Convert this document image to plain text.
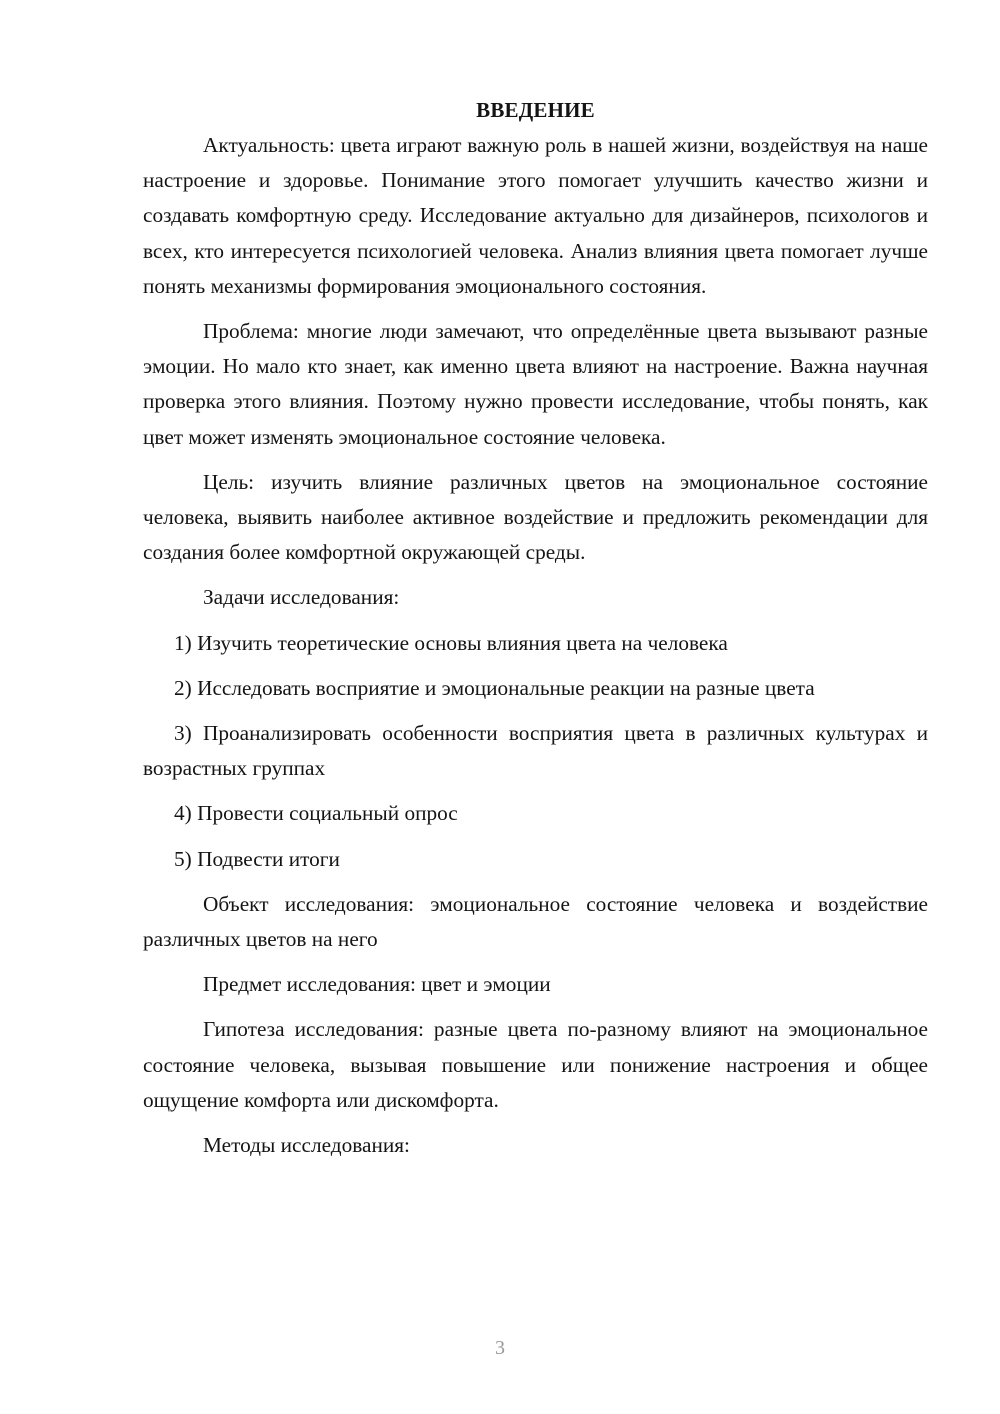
ВВЕДЕНИЕ

Актуальность: цвета играют важную роль в нашей жизни, воздействуя на наше настроение и здоровье. Понимание этого помогает улучшить качество жизни и создавать комфортную среду. Исследование актуально для дизайнеров, психологов и всех, кто интересуется психологией человека. Анализ влияния цвета помогает лучше понять механизмы формирования эмоционального состояния.

Проблема: многие люди замечают, что определённые цвета вызывают разные эмоции. Но мало кто знает, как именно цвета влияют на настроение. Важна научная проверка этого влияния. Поэтому нужно провести исследование, чтобы понять, как цвет может изменять эмоциональное состояние человека.

Цель: изучить влияние различных цветов на эмоциональное состояние человека, выявить наиболее активное воздействие и предложить рекомендации для создания более комфортной окружающей среды.

Задачи исследования:

1) Изучить теоретические основы влияния цвета на человека

2) Исследовать восприятие и эмоциональные реакции на разные цвета

3) Проанализировать особенности восприятия цвета в различных культурах и возрастных группах

4) Провести социальный опрос

5) Подвести итоги

Объект исследования: эмоциональное состояние человека и воздействие различных цветов на него

Предмет исследования: цвет и эмоции

Гипотеза исследования: разные цвета по-разному влияют на эмоциональное состояние человека, вызывая повышение или понижение настроения и общее ощущение комфорта или дискомфорта.

Методы исследования:

3
